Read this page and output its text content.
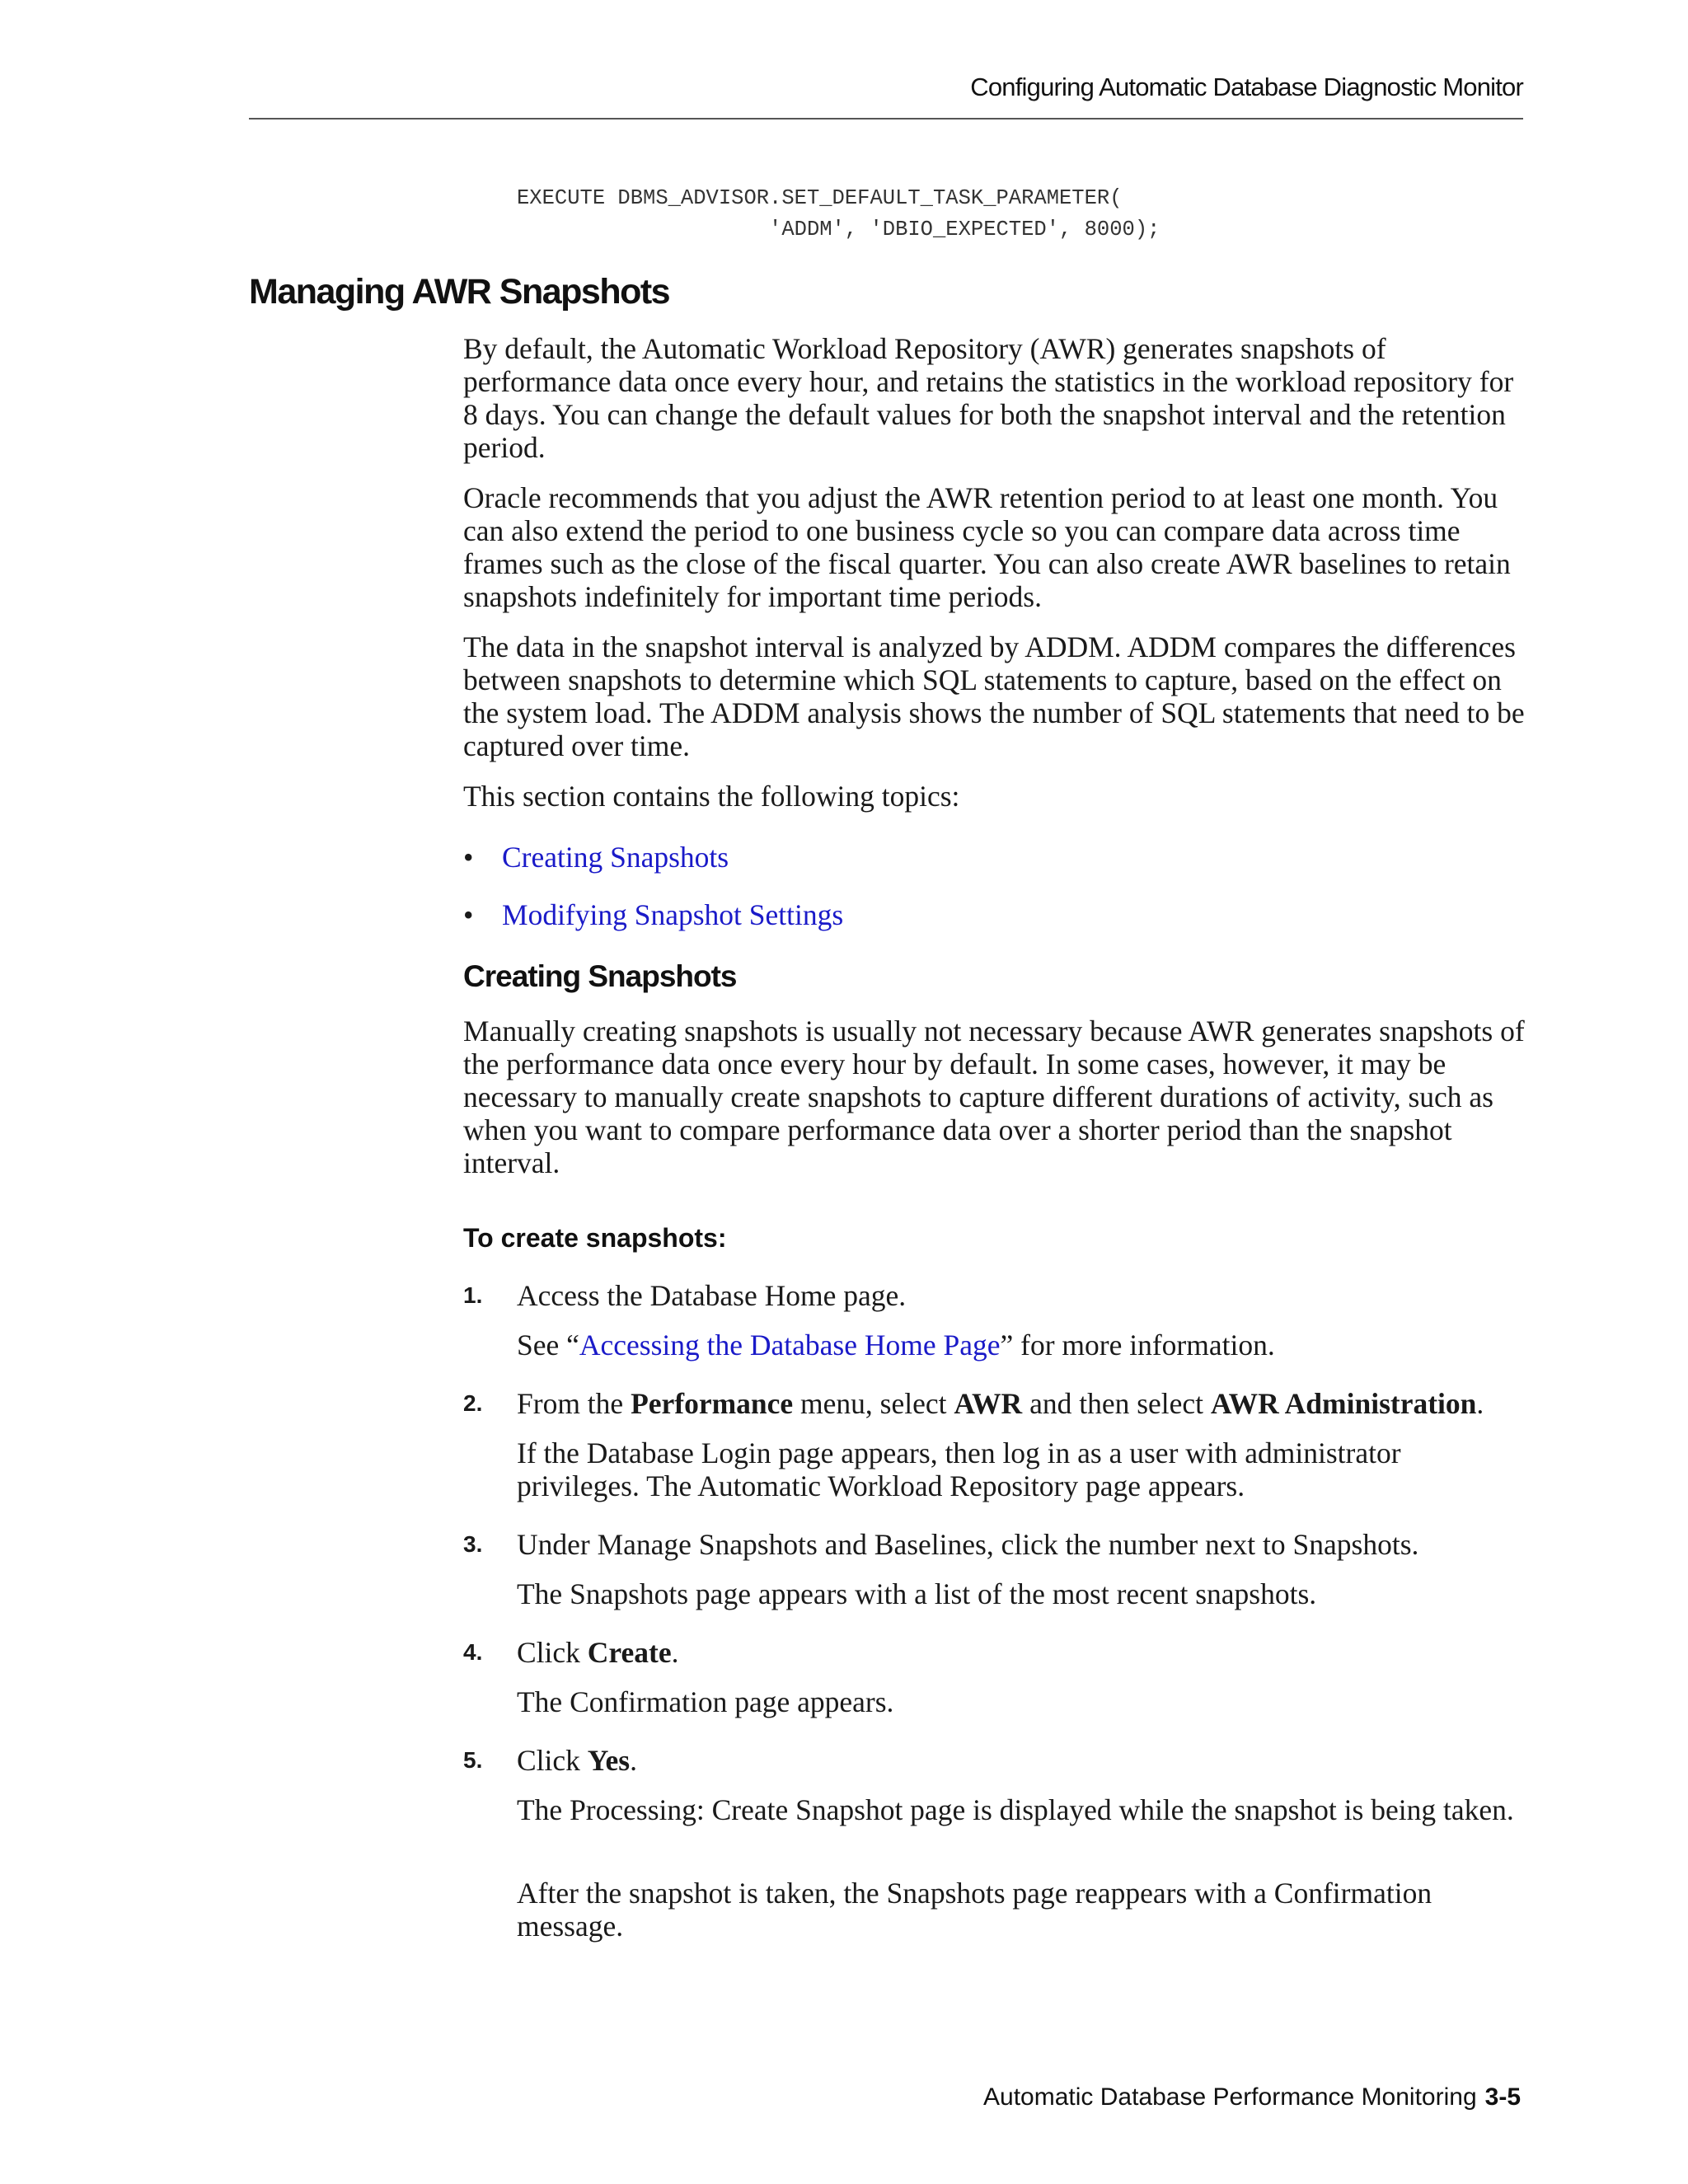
Configuring Automatic Database Diagnostic Monitor
EXECUTE DBMS_ADVISOR.SET_DEFAULT_TASK_PARAMETER(
'ADDM', 'DBIO_EXPECTED', 8000);
Managing AWR Snapshots

By default, the Automatic Workload Repository (AWR) generates snapshots of performance data once every hour, and retains the statistics in the workload repository for 8 days. You can change the default values for both the snapshot interval and the retention period.

Oracle recommends that you adjust the AWR retention period to at least one month. You can also extend the period to one business cycle so you can compare data across time frames such as the close of the fiscal quarter. You can also create AWR baselines to retain snapshots indefinitely for important time periods.

The data in the snapshot interval is analyzed by ADDM. ADDM compares the differences between snapshots to determine which SQL statements to capture, based on the effect on the system load. The ADDM analysis shows the number of SQL statements that need to be captured over time.

This section contains the following topics:

• Creating Snapshots
• Modifying Snapshot Settings
Creating Snapshots

Manually creating snapshots is usually not necessary because AWR generates snapshots of the performance data once every hour by default. In some cases, however, it may be necessary to manually create snapshots to capture different durations of activity, such as when you want to compare performance data over a shorter period than the snapshot interval.

To create snapshots:
1. Access the Database Home page.

See “Accessing the Database Home Page” for more information.

2. From the Performance menu, select AWR and then select AWR Administration.

If the Database Login page appears, then log in as a user with administrator privileges. The Automatic Workload Repository page appears.

3. Under Manage Snapshots and Baselines, click the number next to Snapshots.

The Snapshots page appears with a list of the most recent snapshots.

4. Click Create.

The Confirmation page appears.

5. Click Yes.

The Processing: Create Snapshot page is displayed while the snapshot is being taken.

After the snapshot is taken, the Snapshots page reappears with a Confirmation message.

Automatic Database Performance Monitoring 3-5
